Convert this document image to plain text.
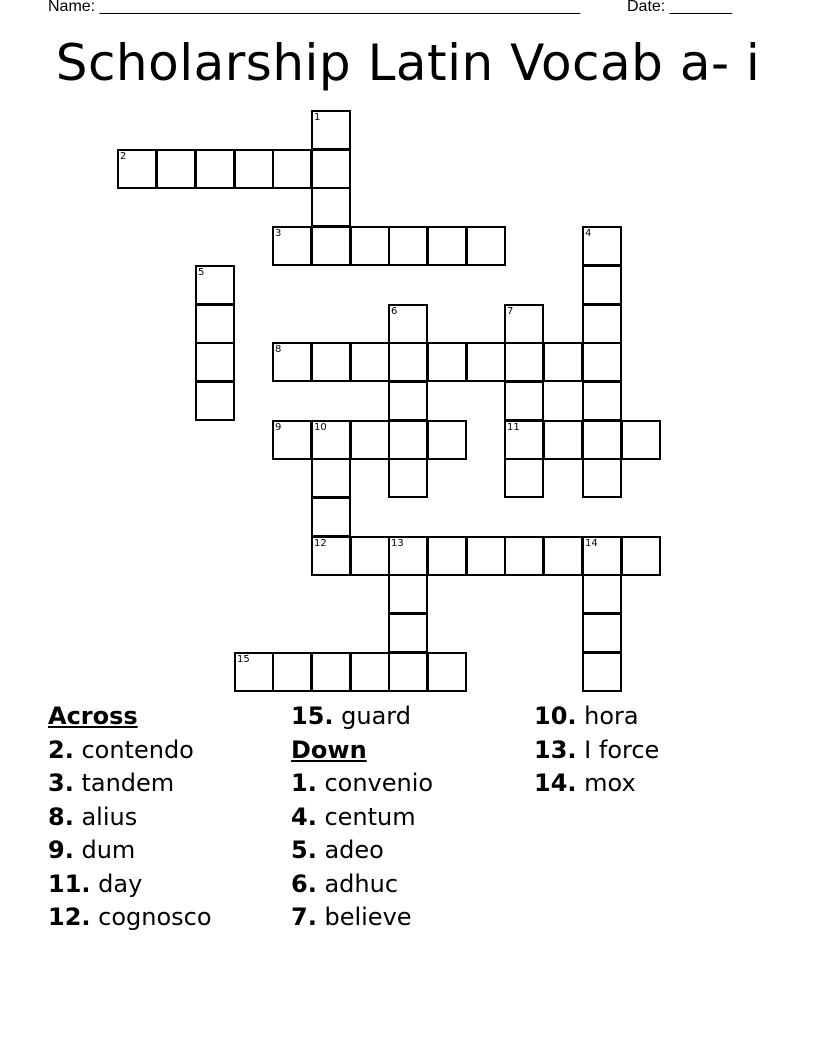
Name: ______________________________________________________	Date: _______
Scholarship Latin Vocab a- i
1
2
3	4
5
6	7
11
8
9	10
12	13	14
15
Across
2. contendo
3. tandem
8. alius
9. dum
11. day
12. cognosco
15. guard
Down
1. convenio
4. centum
5. adeo
6. adhuc
7. believe
10. hora
13. I force
14. mox
